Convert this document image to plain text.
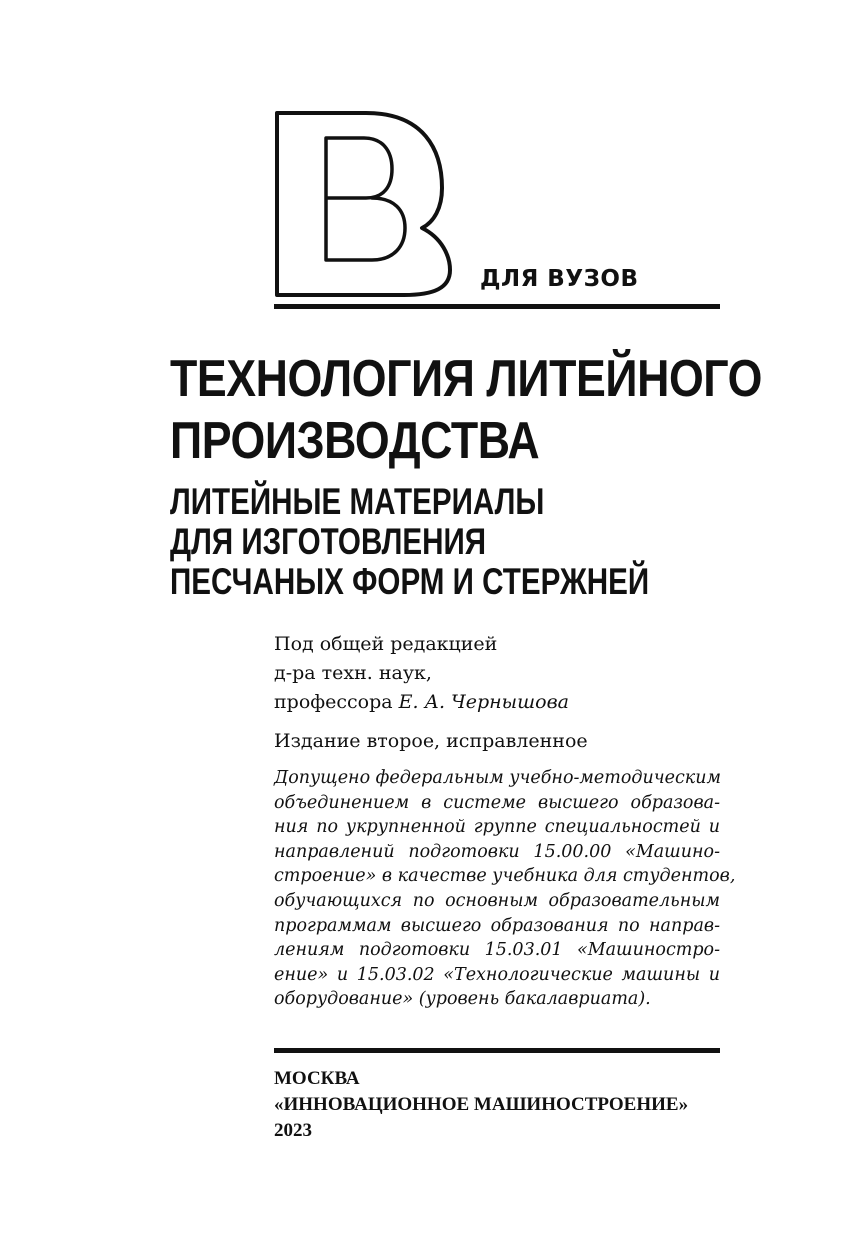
ДЛЯ ВУЗОВ
ТЕХНОЛОГИЯ ЛИТЕЙНОГО
ПРОИЗВОДСТВА
ЛИТЕЙНЫЕ МАТЕРИАЛЫ
ДЛЯ ИЗГОТОВЛЕНИЯ
ПЕСЧАНЫХ ФОРМ И СТЕРЖНЕЙ
Под общей редакцией
д-ра техн. наук,
профессора Е. А. Чернышова
Издание второе, исправленное
Допущено федеральным учебно-методическим
объединением в системе высшего образова-
ния по укрупненной группе специальностей и
направлений подготовки 15.00.00 «Машино-
строение» в качестве учебника для студентов,
обучающихся по основным образовательным
программам высшего образования по направ-
лениям подготовки 15.03.01 «Машиностро-
ение» и 15.03.02 «Технологические машины и
оборудование» (уровень бакалавриата).
МОСКВА
«ИННОВАЦИОННОЕ МАШИНОСТРОЕНИЕ»
2023
